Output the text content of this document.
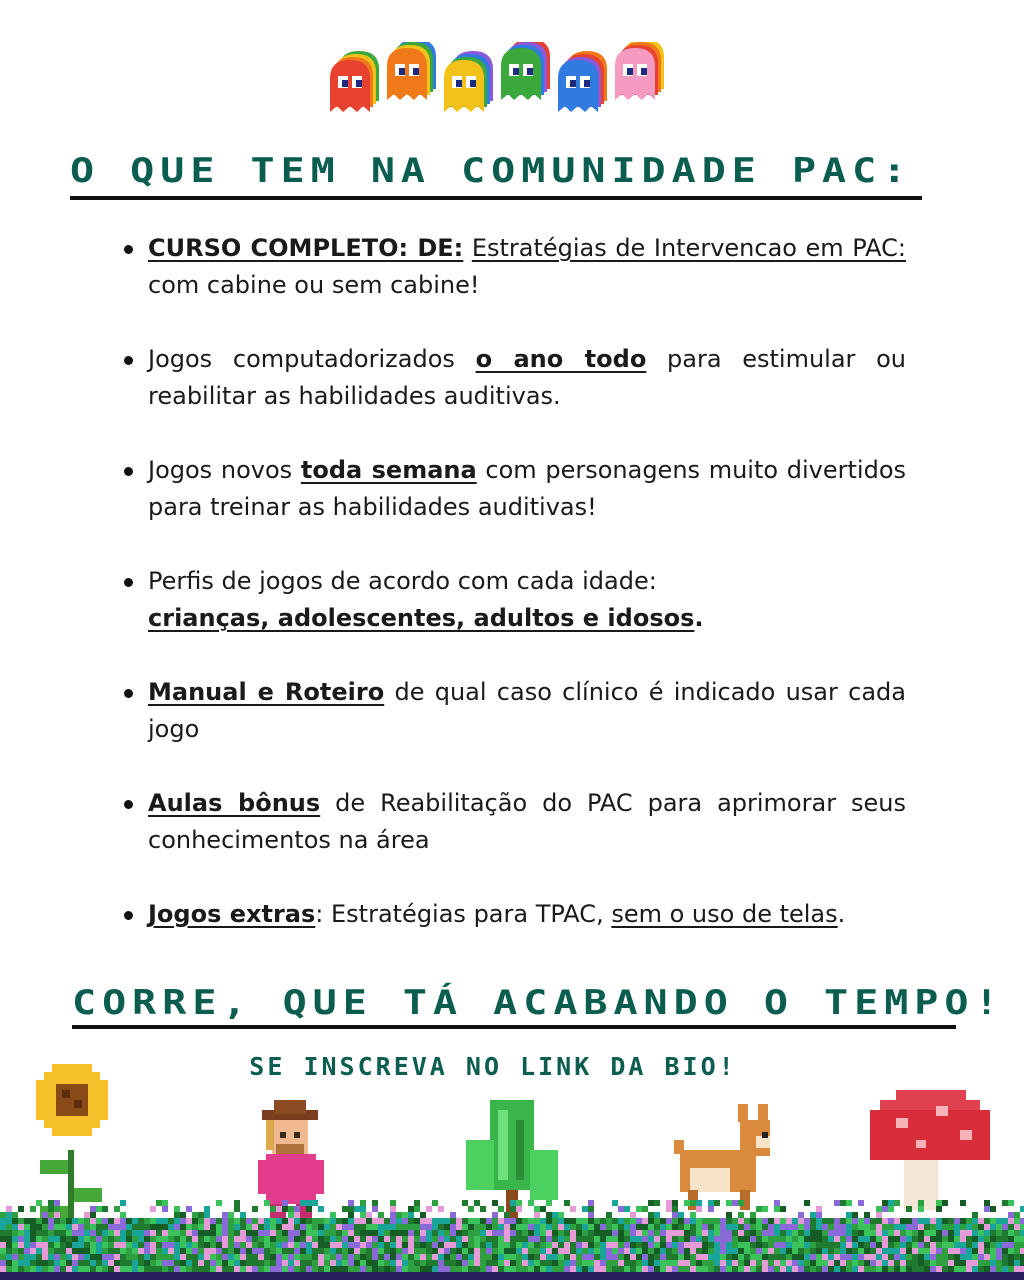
O QUE TEM NA COMUNIDADE PAC:
CURSO COMPLETO: DE: Estratégias de Intervencao em PAC: com cabine ou sem cabine!
Jogos computadorizados o ano todo para estimular ou reabilitar as habilidades auditivas.
Jogos novos toda semana com personagens muito divertidos para treinar as habilidades auditivas!
Perfis de jogos de acordo com cada idade:
crianças, adolescentes, adultos e idosos.
Manual e Roteiro de qual caso clínico é indicado usar cada jogo
Aulas bônus de Reabilitação do PAC para aprimorar seus conhecimentos na área
Jogos extras: Estratégias para TPAC, sem o uso de telas.
CORRE, QUE TÁ ACABANDO O TEMPO!
SE INSCREVA NO LINK DA BIO!
